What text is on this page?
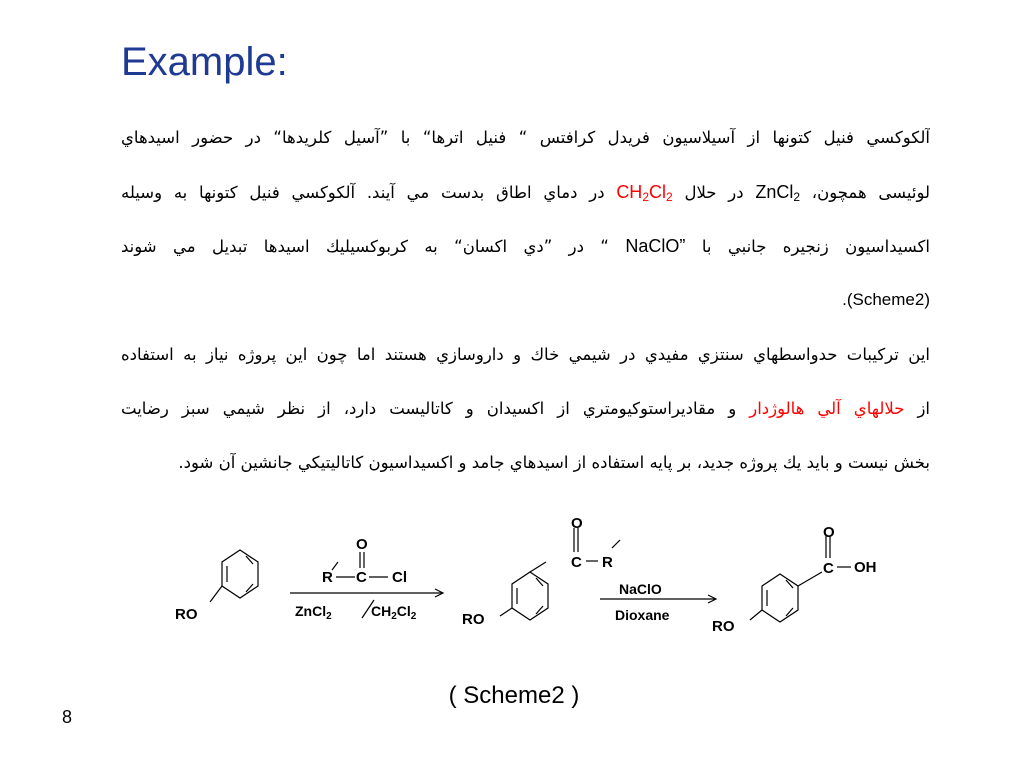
Example:
آلكوكسي فنيل كتونها از آسيلاسيون فريدل كرافتس “ فنيل اترها“ با ”آسيل كلريدها“ در حضور اسيدهاي
لوئيسی همچون، ZnCl$_2$ در حلال $CH_2Cl_2$ در دماي اطاق بدست مي آيند. آلكوكسي فنيل كتونها به وسيله
اكسيداسيون زنجيره جانبي با NaClO” “ در ”دي اكسان“ به كربوكسيليك اسيدها تبديل مي شوند
.(Scheme2)
اين تركيبات حدواسطهاي سنتزي مفيدي در شيمي خاك و داروسازي هستند اما چون اين پروژه نياز به استفاده
از حلالهاي آلي هالوژدار و مقاديراستوكيومتري از اكسيدان و كاتاليست دارد، از نظر شيمي سبز رضايت
بخش نيست و بايد يك پروژه جديد، بر پايه استفاده از اسيدهاي جامد و اكسيداسيون كاتاليتيكي جانشين آن شود.
RO
O
R C Cl
ZnCl$_2$	$CH_2Cl_2$
O
C R
RO
NaClO
Dioxane
O
C OH
RO
( Scheme2 )
8
